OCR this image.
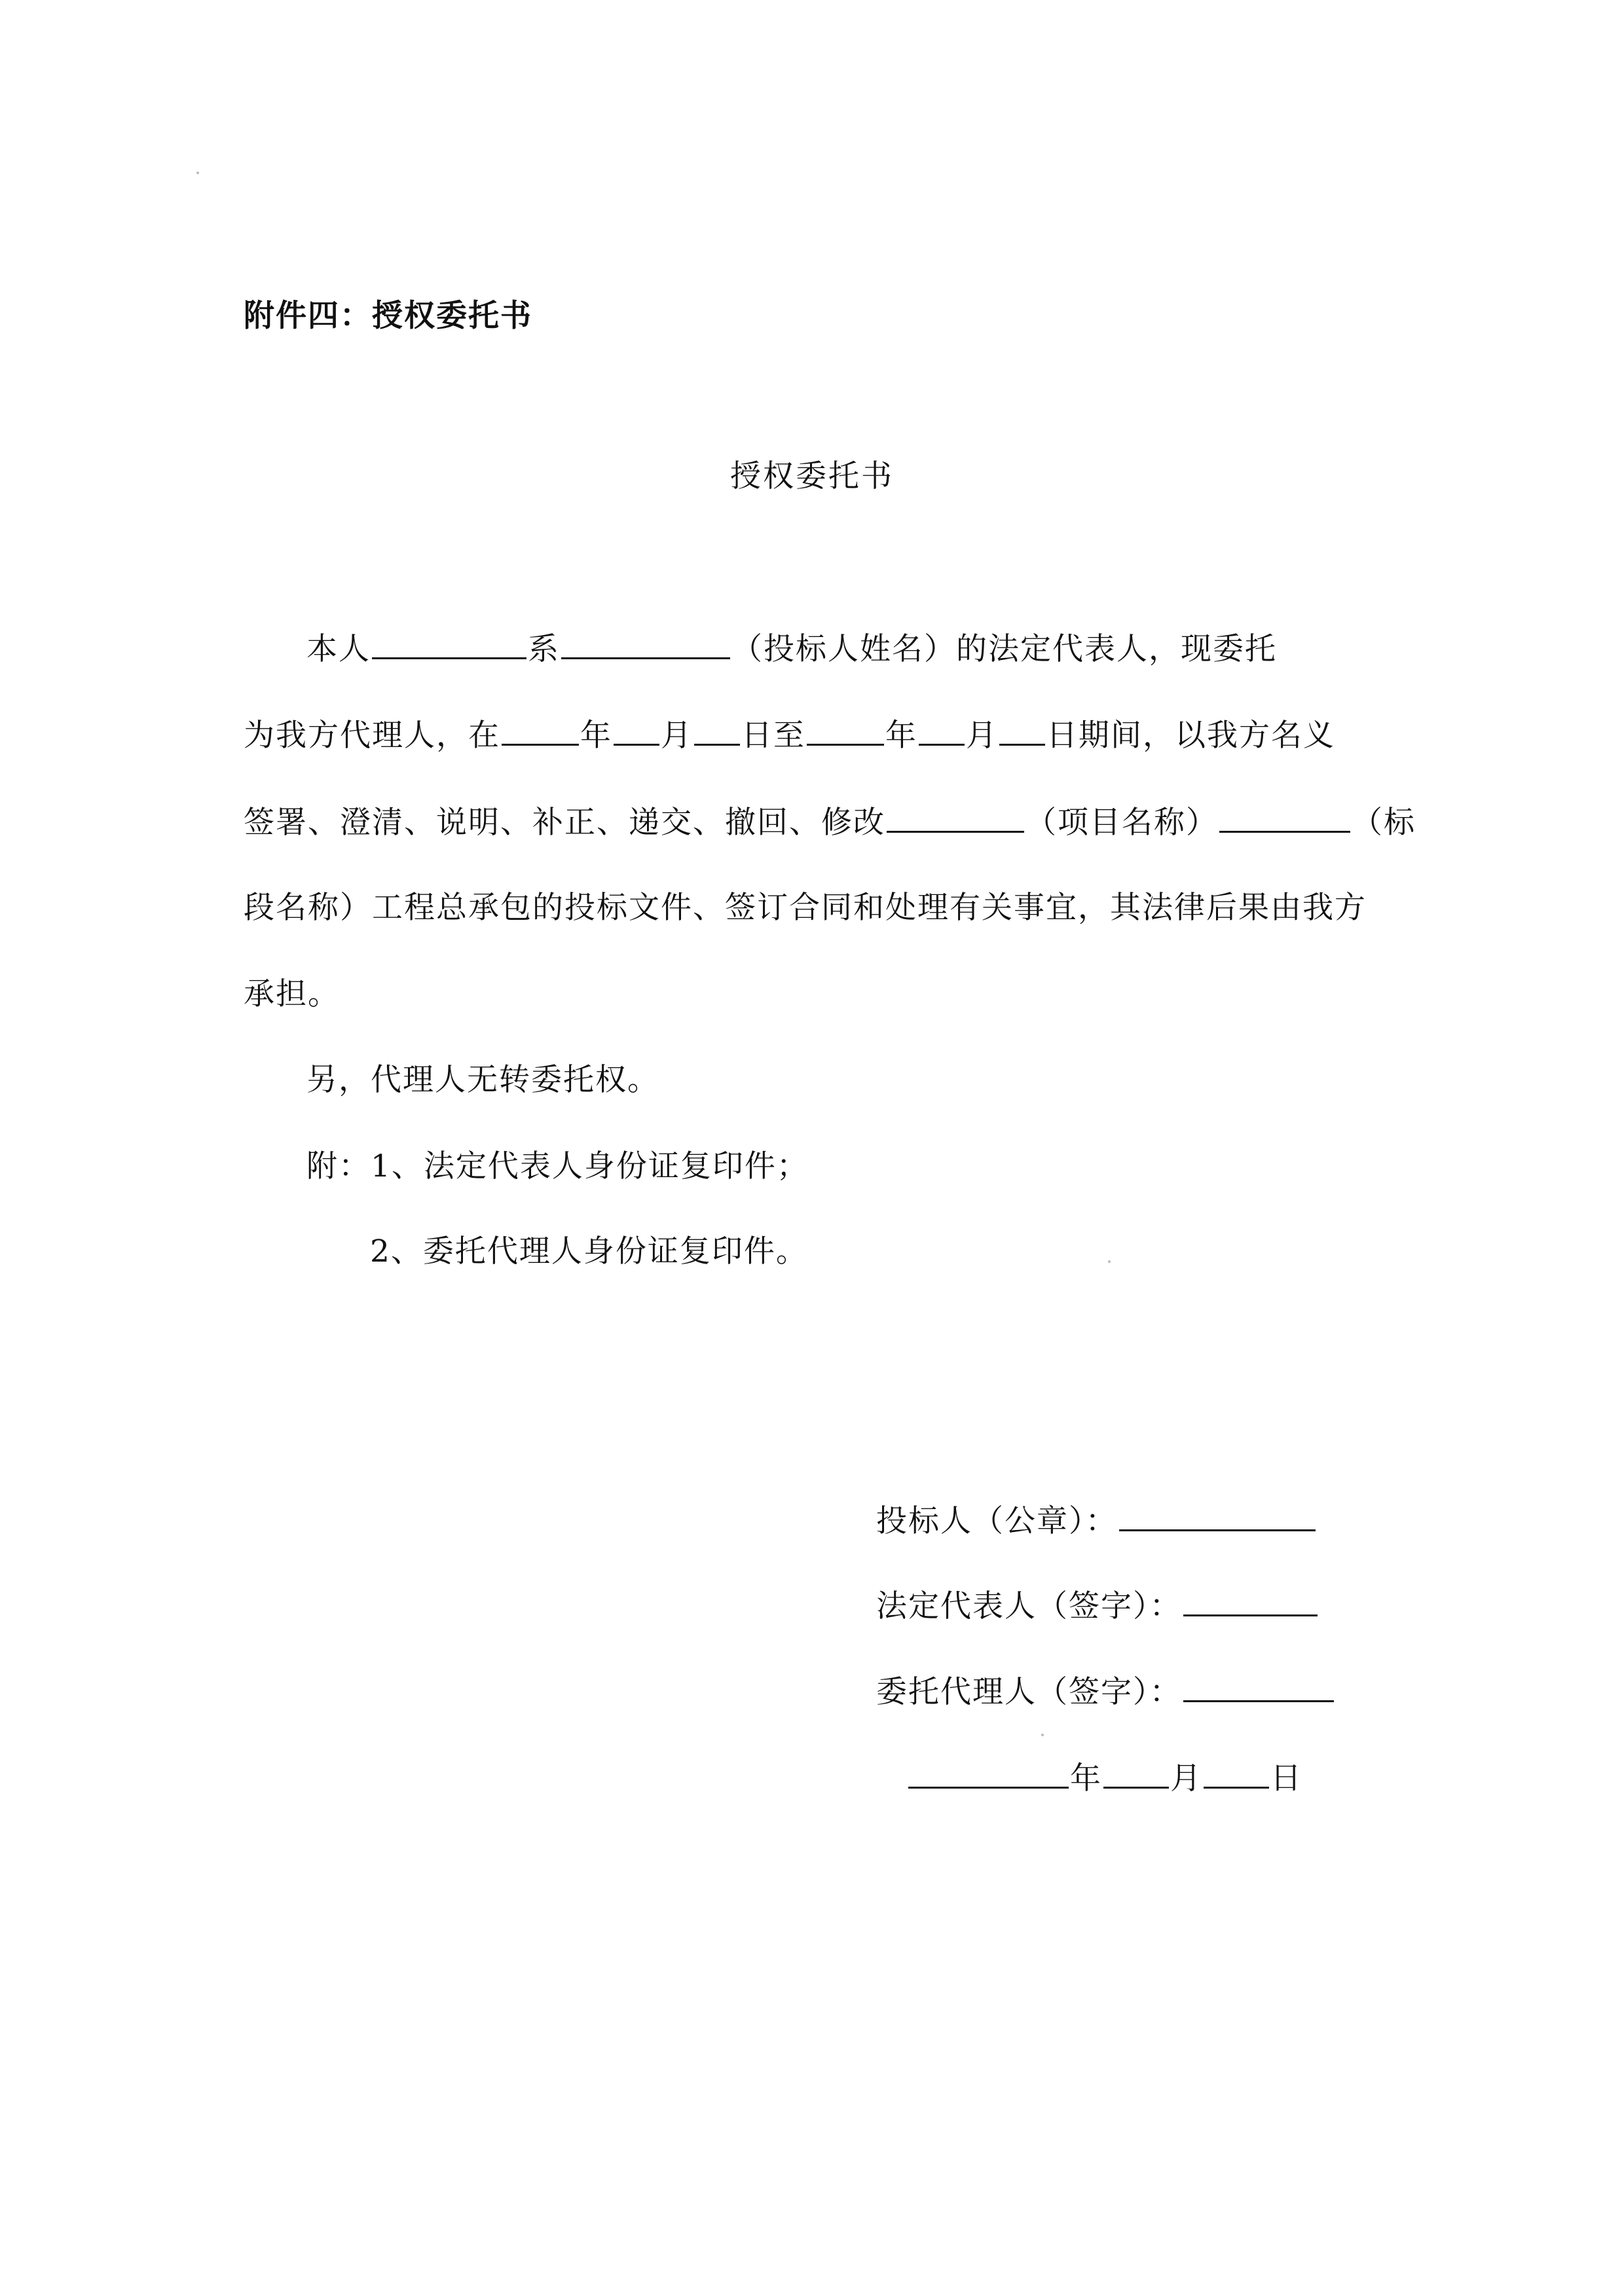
附件四：授权委托书
授权委托书
本人	系	（投标人姓名）的法定代表人，现委托
为我方代理人，在	年 月 日至	年 月 日期间，以我方名义
签署、澄清、说明、补正、递交、撤回、修改	（项目名称）	（标
段名称）工程总承包的投标文件、签订合同和处理有关事宜，其法律后果由我方
承担。
另，代理人无转委托权。
附：1、法定代表人身份证复印件；
2、委托代理人身份证复印件。
投标人（公章）：
法定代表人（签字）：
委托代理人（签字）：
年 月 日
